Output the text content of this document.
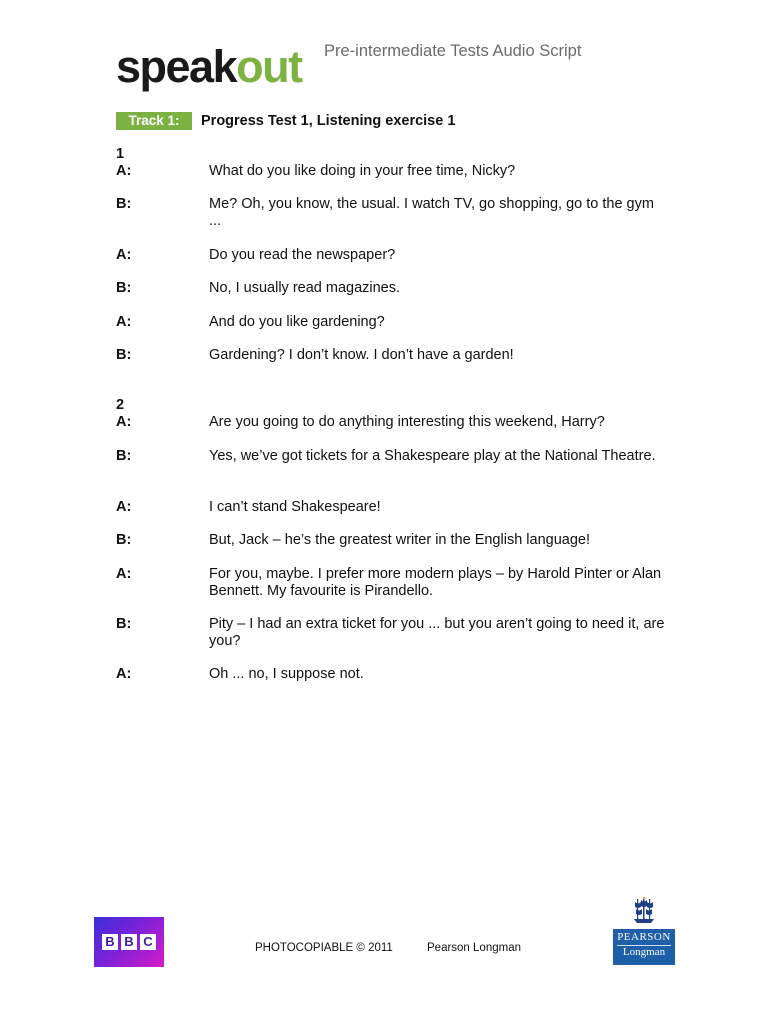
speakout Pre-intermediate Tests Audio Script
Track 1:	Progress Test 1, Listening exercise 1
1
A:	What do you like doing in your free time, Nicky?
B:	Me? Oh, you know, the usual. I watch TV, go shopping, go to the gym ...
A:	Do you read the newspaper?
B:	No, I usually read magazines.
A:	And do you like gardening?
B:	Gardening? I don’t know. I don’t have a garden!
2
A:	Are you going to do anything interesting this weekend, Harry?
B:	Yes, we’ve got tickets for a Shakespeare play at the National Theatre.
A:	I can’t stand Shakespeare!
B:	But, Jack – he’s the greatest writer in the English language!
A:	For you, maybe. I prefer more modern plays – by Harold Pinter or Alan Bennett. My favourite is Pirandello.
B:	Pity – I had an extra ticket for you ... but you aren’t going to need it, are you?
A:	Oh ... no, I suppose not.
B B C	PHOTOCOPIABLE © 2011	Pearson Longman
PEARSON
Longman
